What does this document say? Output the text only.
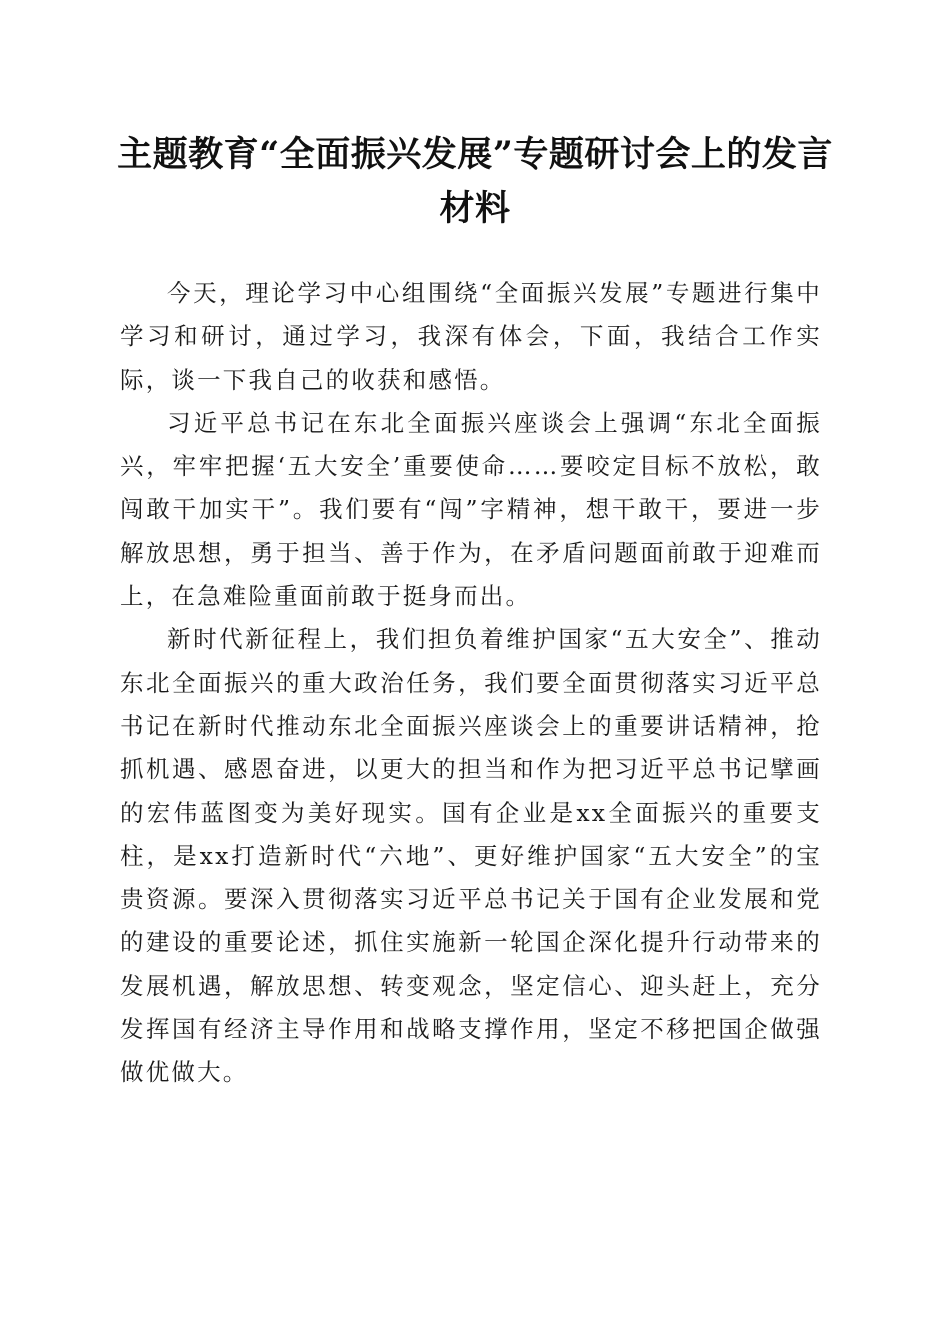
主题教育“全面振兴发展”专题研讨会上的发言材料

今天，理论学习中心组围绕“全面振兴发展”专题进行集中学习和研讨，通过学习，我深有体会，下面，我结合工作实际，谈一下我自己的收获和感悟。

习近平总书记在东北全面振兴座谈会上强调“东北全面振兴，牢牢把握‘五大安全’重要使命……要咬定目标不放松，敢闯敢干加实干”。我们要有“闯”字精神，想干敢干，要进一步解放思想，勇于担当、善于作为，在矛盾问题面前敢于迎难而上，在急难险重面前敢于挺身而出。

新时代新征程上，我们担负着维护国家“五大安全”、推动东北全面振兴的重大政治任务，我们要全面贯彻落实习近平总书记在新时代推动东北全面振兴座谈会上的重要讲话精神，抢抓机遇、感恩奋进，以更大的担当和作为把习近平总书记擘画的宏伟蓝图变为美好现实。国有企业是xx全面振兴的重要支柱，是xx打造新时代“六地”、更好维护国家“五大安全”的宝贵资源。要深入贯彻落实习近平总书记关于国有企业发展和党的建设的重要论述，抓住实施新一轮国企深化提升行动带来的发展机遇，解放思想、转变观念，坚定信心、迎头赶上，充分发挥国有经济主导作用和战略支撑作用，坚定不移把国企做强做优做大。
